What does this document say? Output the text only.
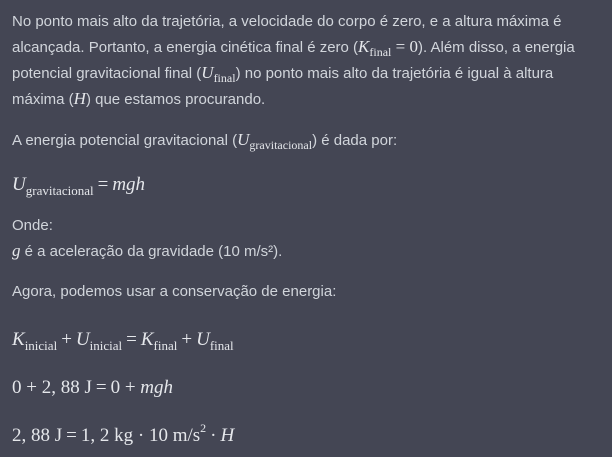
No ponto mais alto da trajetória, a velocidade do corpo é zero, e a altura máxima é alcançada. Portanto, a energia cinética final é zero $(K_{final} = 0)$. Além disso, a energia potencial gravitacional final $(U_{final})$ no ponto mais alto da trajetória é igual à altura máxima (H) que estamos procurando.

A energia potencial gravitacional $(U_{gravitacional})$ é dada por:

$U_{gravitacional}$ = mgh

Onde:
g é a aceleração da gravidade (10 m/s²).

Agora, podemos usar a conservação de energia:

$K_{inicial} + U_{inicial} = K_{final} + U_{final}$
0 + 2, 88 J = 0 + mgh
2, 88 J = 1, 2 kg · 10 $m/s^2 \cdot H$
